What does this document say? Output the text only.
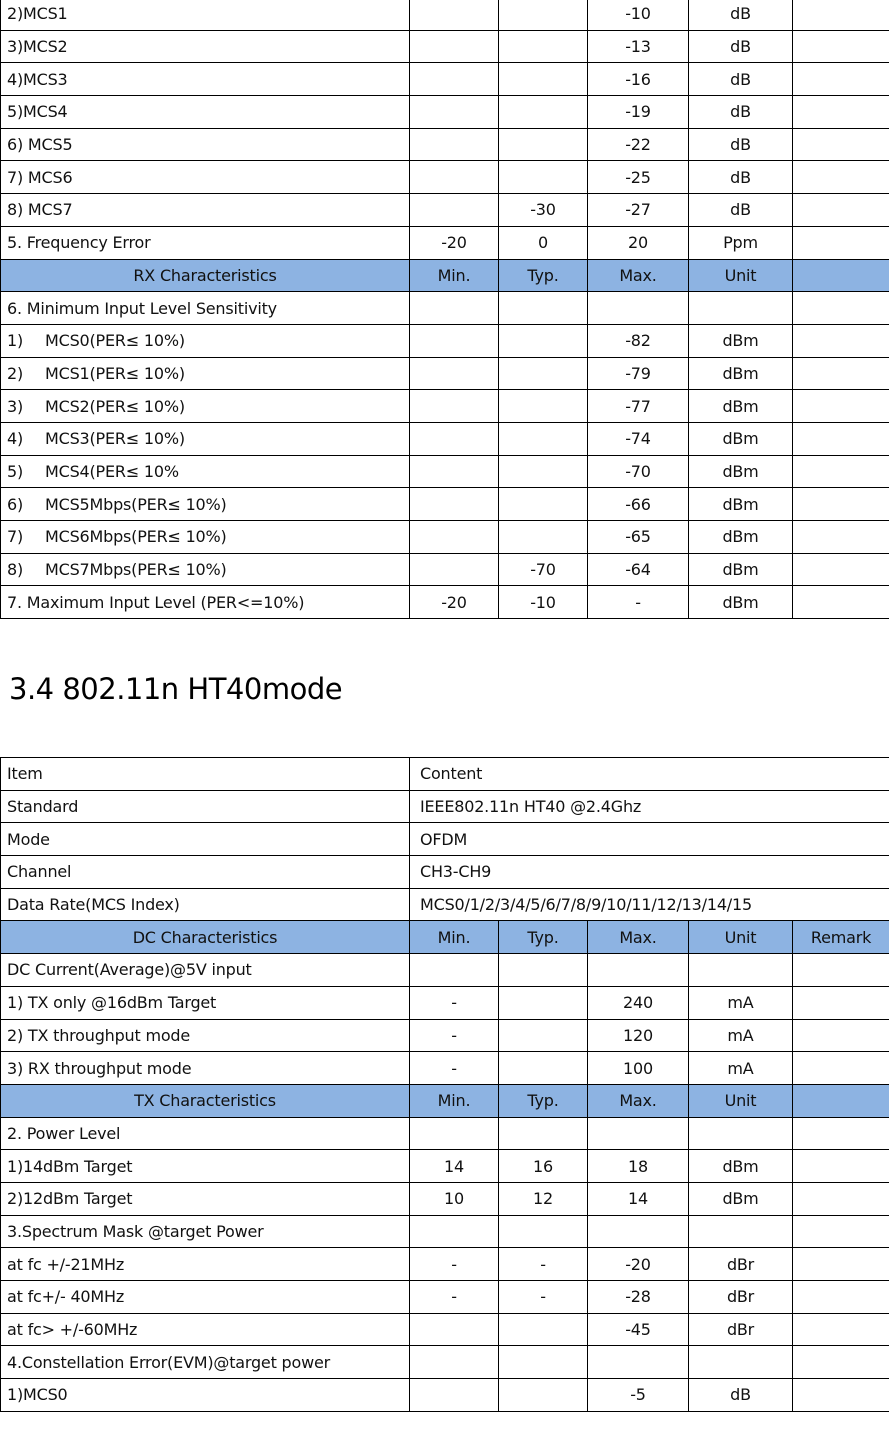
2)MCS1			-10	dB	
3)MCS2			-13	dB	
4)MCS3			-16	dB	
5)MCS4			-19	dB	
6) MCS5			-22	dB	
7) MCS6			-25	dB	
8) MCS7		-30	-27	dB	
5. Frequency Error	-20	0	20	Ppm	
RX Characteristics	Min.	Typ.	Max.	Unit	
6. Minimum Input Level Sensitivity					
1) MCS0(PER≤ 10%)			-82	dBm	
2) MCS1(PER≤ 10%)			-79	dBm	
3) MCS2(PER≤ 10%)			-77	dBm	
4) MCS3(PER≤ 10%)			-74	dBm	
5) MCS4(PER≤ 10%			-70	dBm	
6) MCS5Mbps(PER≤ 10%)			-66	dBm	
7) MCS6Mbps(PER≤ 10%)			-65	dBm	
8) MCS7Mbps(PER≤ 10%)		-70	-64	dBm	
7. Maximum Input Level (PER<=10%)	-20	-10	-	dBm	
3.4 802.11n HT40mode
Item	Content				
Standard	IEEE802.11n HT40 @2.4Ghz				
Mode	OFDM				
Channel	CH3-CH9				
Data Rate(MCS Index)	MCS0/1/2/3/4/5/6/7/8/9/10/11/12/13/14/15				
DC Characteristics	Min.	Typ.	Max.	Unit	Remark
DC Current(Average)@5V input					
1) TX only @16dBm Target	-		240	mA	
2) TX throughput mode	-		120	mA	
3) RX throughput mode	-		100	mA	
TX Characteristics	Min.	Typ.	Max.	Unit	
2. Power Level					
1)14dBm Target	14	16	18	dBm	
2)12dBm Target	10	12	14	dBm	
3.Spectrum Mask @target Power					
at fc +/-21MHz	-	-	-20	dBr	
at fc+/- 40MHz	-	-	-28	dBr	
at fc> +/-60MHz			-45	dBr	
4.Constellation Error(EVM)@target power					
1)MCS0			-5	dB	
